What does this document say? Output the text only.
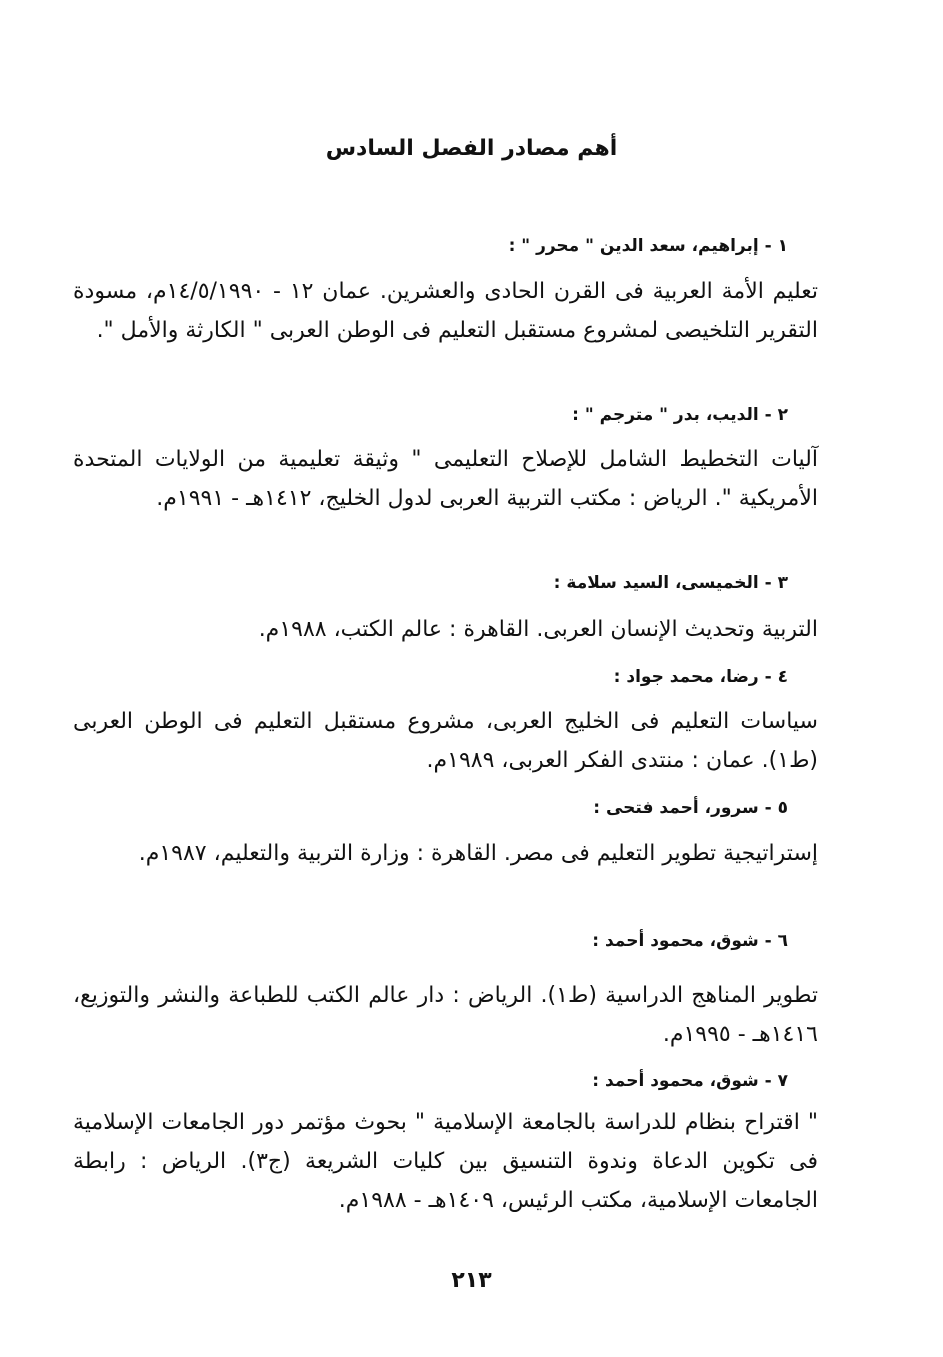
أهم مصادر الفصل السادس
١ - إبراهيم، سعد الدين " محرر " :
تعليم الأمة العربية فى القرن الحادى والعشرين. عمان ١٢ - ١٤/٥/١٩٩٠م، مسودة التقرير التلخيصى لمشروع مستقبل التعليم فى الوطن العربى " الكارثة والأمل ".
٢ - الديب، بدر " مترجم " :
آليات التخطيط الشامل للإصلاح التعليمى " وثيقة تعليمية من الولايات المتحدة الأمريكية ". الرياض : مكتب التربية العربى لدول الخليج، ١٤١٢هـ - ١٩٩١م.
٣ - الخميسى، السيد سلامة :
التربية وتحديث الإنسان العربى. القاهرة : عالم الكتب، ١٩٨٨م.
٤ - رضا، محمد جواد :
سياسات التعليم فى الخليج العربى، مشروع مستقبل التعليم فى الوطن العربى (ط١). عمان : منتدى الفكر العربى، ١٩٨٩م.
٥ - سرور، أحمد فتحى :
إستراتيجية تطوير التعليم فى مصر. القاهرة : وزارة التربية والتعليم، ١٩٨٧م.
٦ - شوق، محمود أحمد :
تطوير المناهج الدراسية (ط١). الرياض : دار عالم الكتب للطباعة والنشر والتوزيع، ١٤١٦هـ - ١٩٩٥م.
٧ - شوق، محمود أحمد :
" اقتراح بنظام للدراسة بالجامعة الإسلامية " بحوث مؤتمر دور الجامعات الإسلامية فى تكوين الدعاة وندوة التنسيق بين كليات الشريعة (ج٣). الرياض : رابطة الجامعات الإسلامية، مكتب الرئيس، ١٤٠٩هـ - ١٩٨٨م.
٢١٣
